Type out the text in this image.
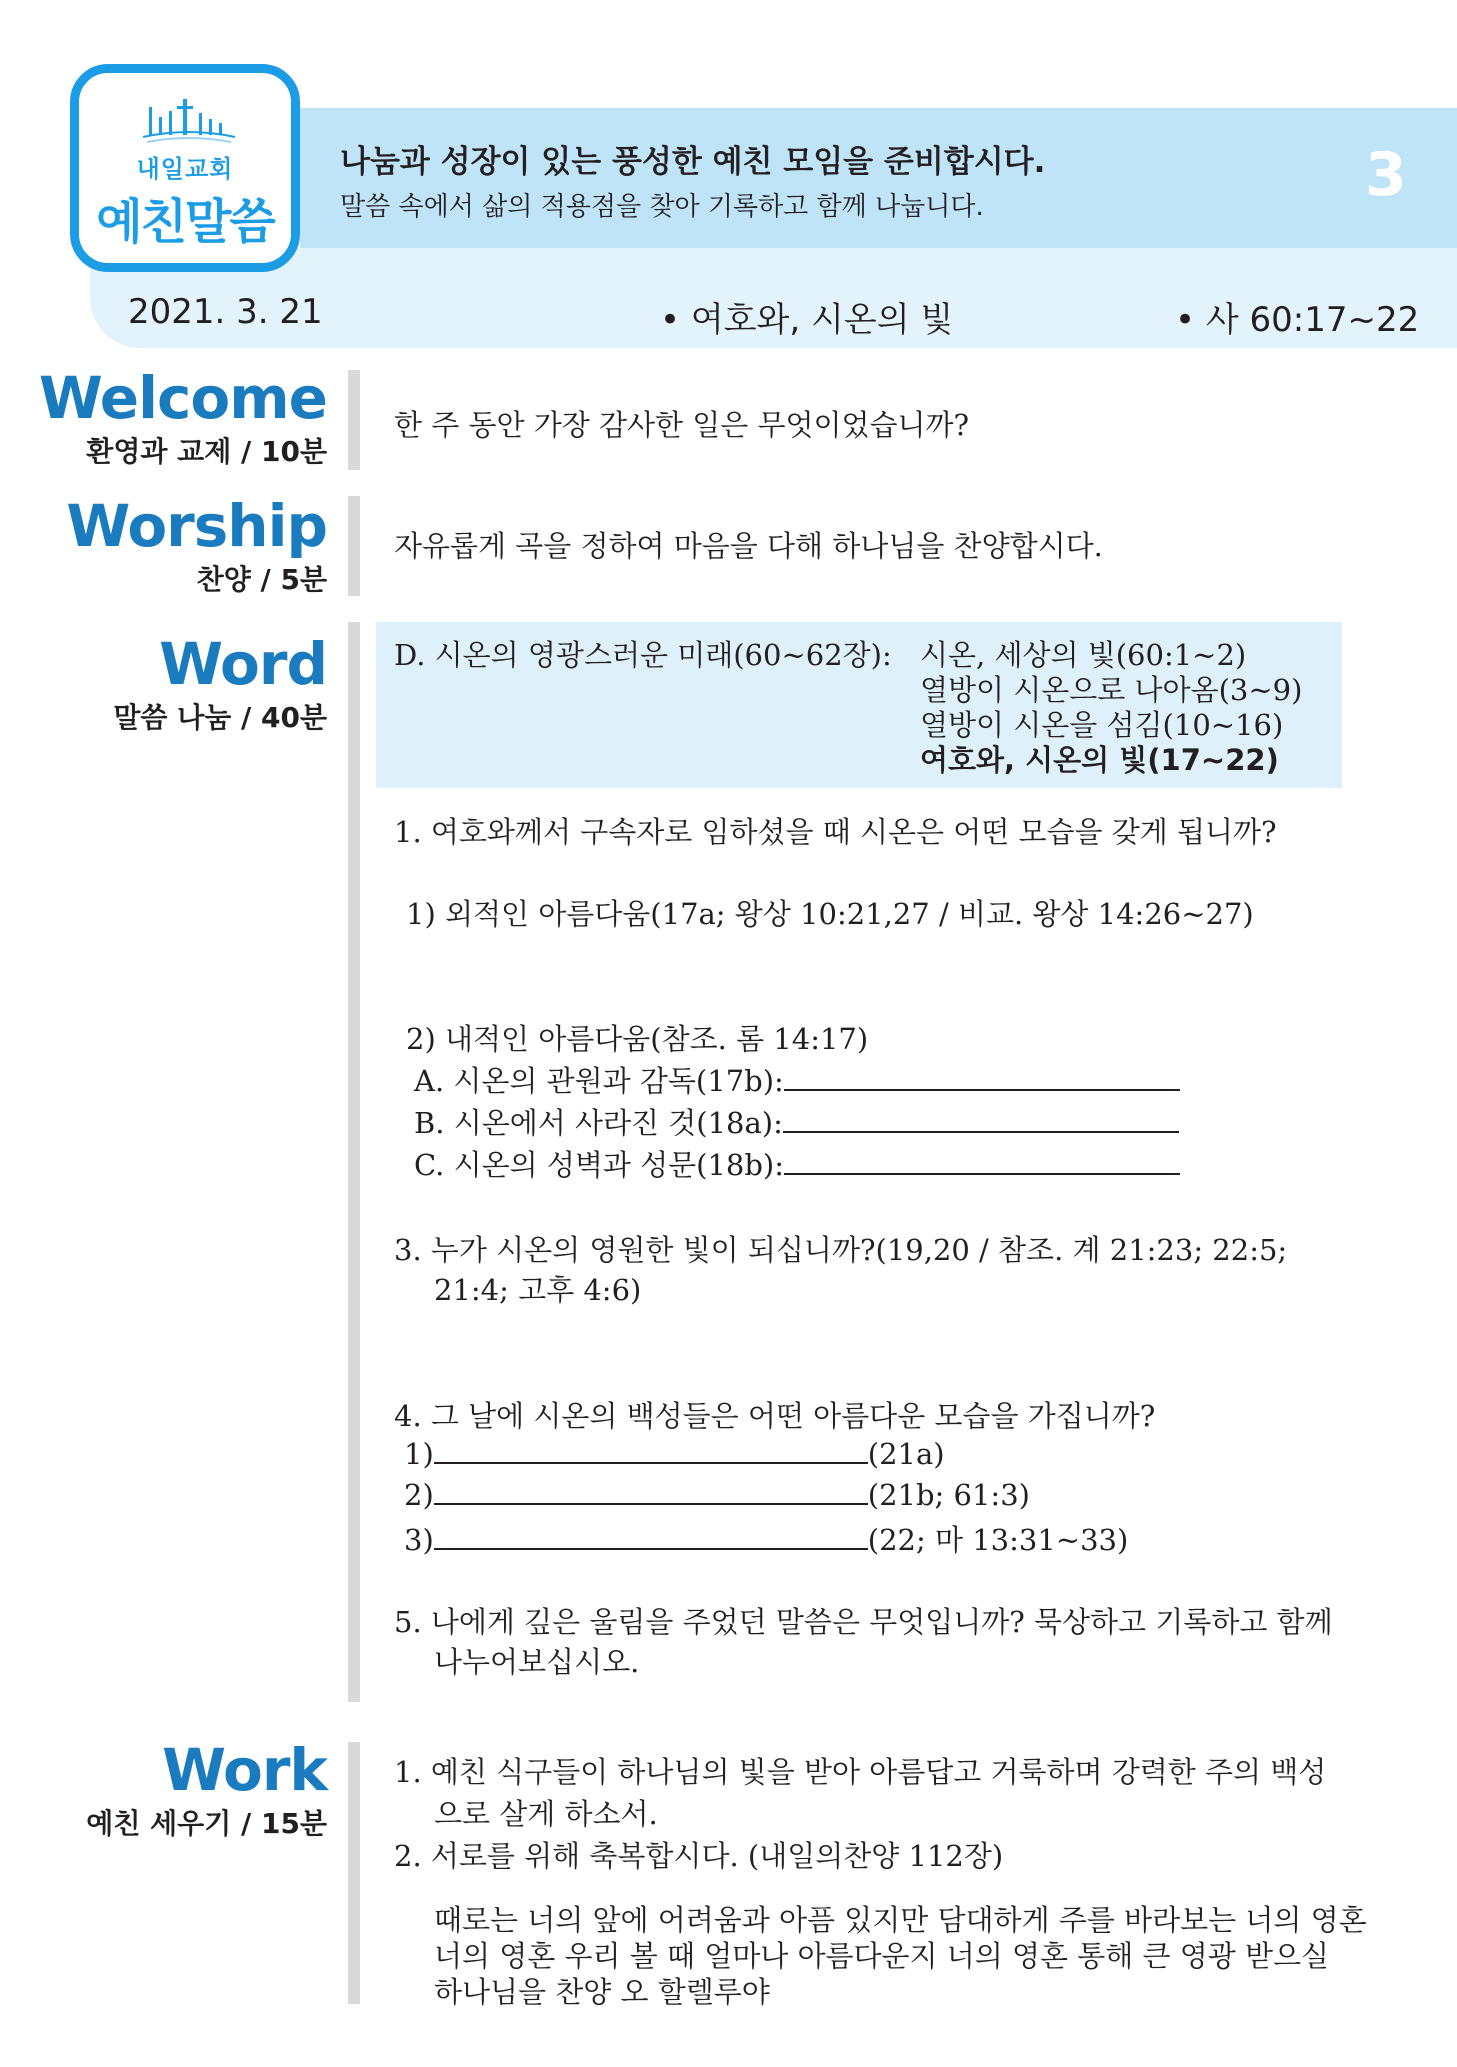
내일교회
예친말씀
나눔과 성장이 있는 풍성한 예친 모임을 준비합시다.
말씀 속에서 삶의 적용점을 찾아 기록하고 함께 나눕니다.	3
2021. 3. 21	• 여호와, 시온의 빛	• 사 60:17~22
Welcome
환영과 교제 / 10분
한 주 동안 가장 감사한 일은 무엇이었습니까?
Worship
찬양 / 5분
자유롭게 곡을 정하여 마음을 다해 하나님을 찬양합시다.
Word
말씀 나눔 / 40분
D. 시온의 영광스러운 미래(60~62장): 시온, 세상의 빛(60:1~2)
열방이 시온으로 나아옴(3~9)
열방이 시온을 섬김(10~16)
여호와, 시온의 빛(17~22)
1. 여호와께서 구속자로 임하셨을 때 시온은 어떤 모습을 갖게 됩니까?
1) 외적인 아름다움(17a; 왕상 10:21,27 / 비교. 왕상 14:26~27)
2) 내적인 아름다움(참조. 롬 14:17)
A. 시온의 관원과 감독(17b):
B. 시온에서 사라진 것(18a):
C. 시온의 성벽과 성문(18b):
3. 누가 시온의 영원한 빛이 되십니까?(19,20 / 참조. 계 21:23; 22:5;
21:4; 고후 4:6)
4. 그 날에 시온의 백성들은 어떤 아름다운 모습을 가집니까?
1)	(21a)
2)	(21b; 61:3)
3)	(22; 마 13:31~33)
5. 나에게 깊은 울림을 주었던 말씀은 무엇입니까? 묵상하고 기록하고 함께
나누어보십시오.
Work
예친 세우기 / 15분
1. 예친 식구들이 하나님의 빛을 받아 아름답고 거룩하며 강력한 주의 백성
으로 살게 하소서.
2. 서로를 위해 축복합시다. (내일의찬양 112장)
때로는 너의 앞에 어려움과 아픔 있지만 담대하게 주를 바라보는 너의 영혼
너의 영혼 우리 볼 때 얼마나 아름다운지 너의 영혼 통해 큰 영광 받으실
하나님을 찬양 오 할렐루야
